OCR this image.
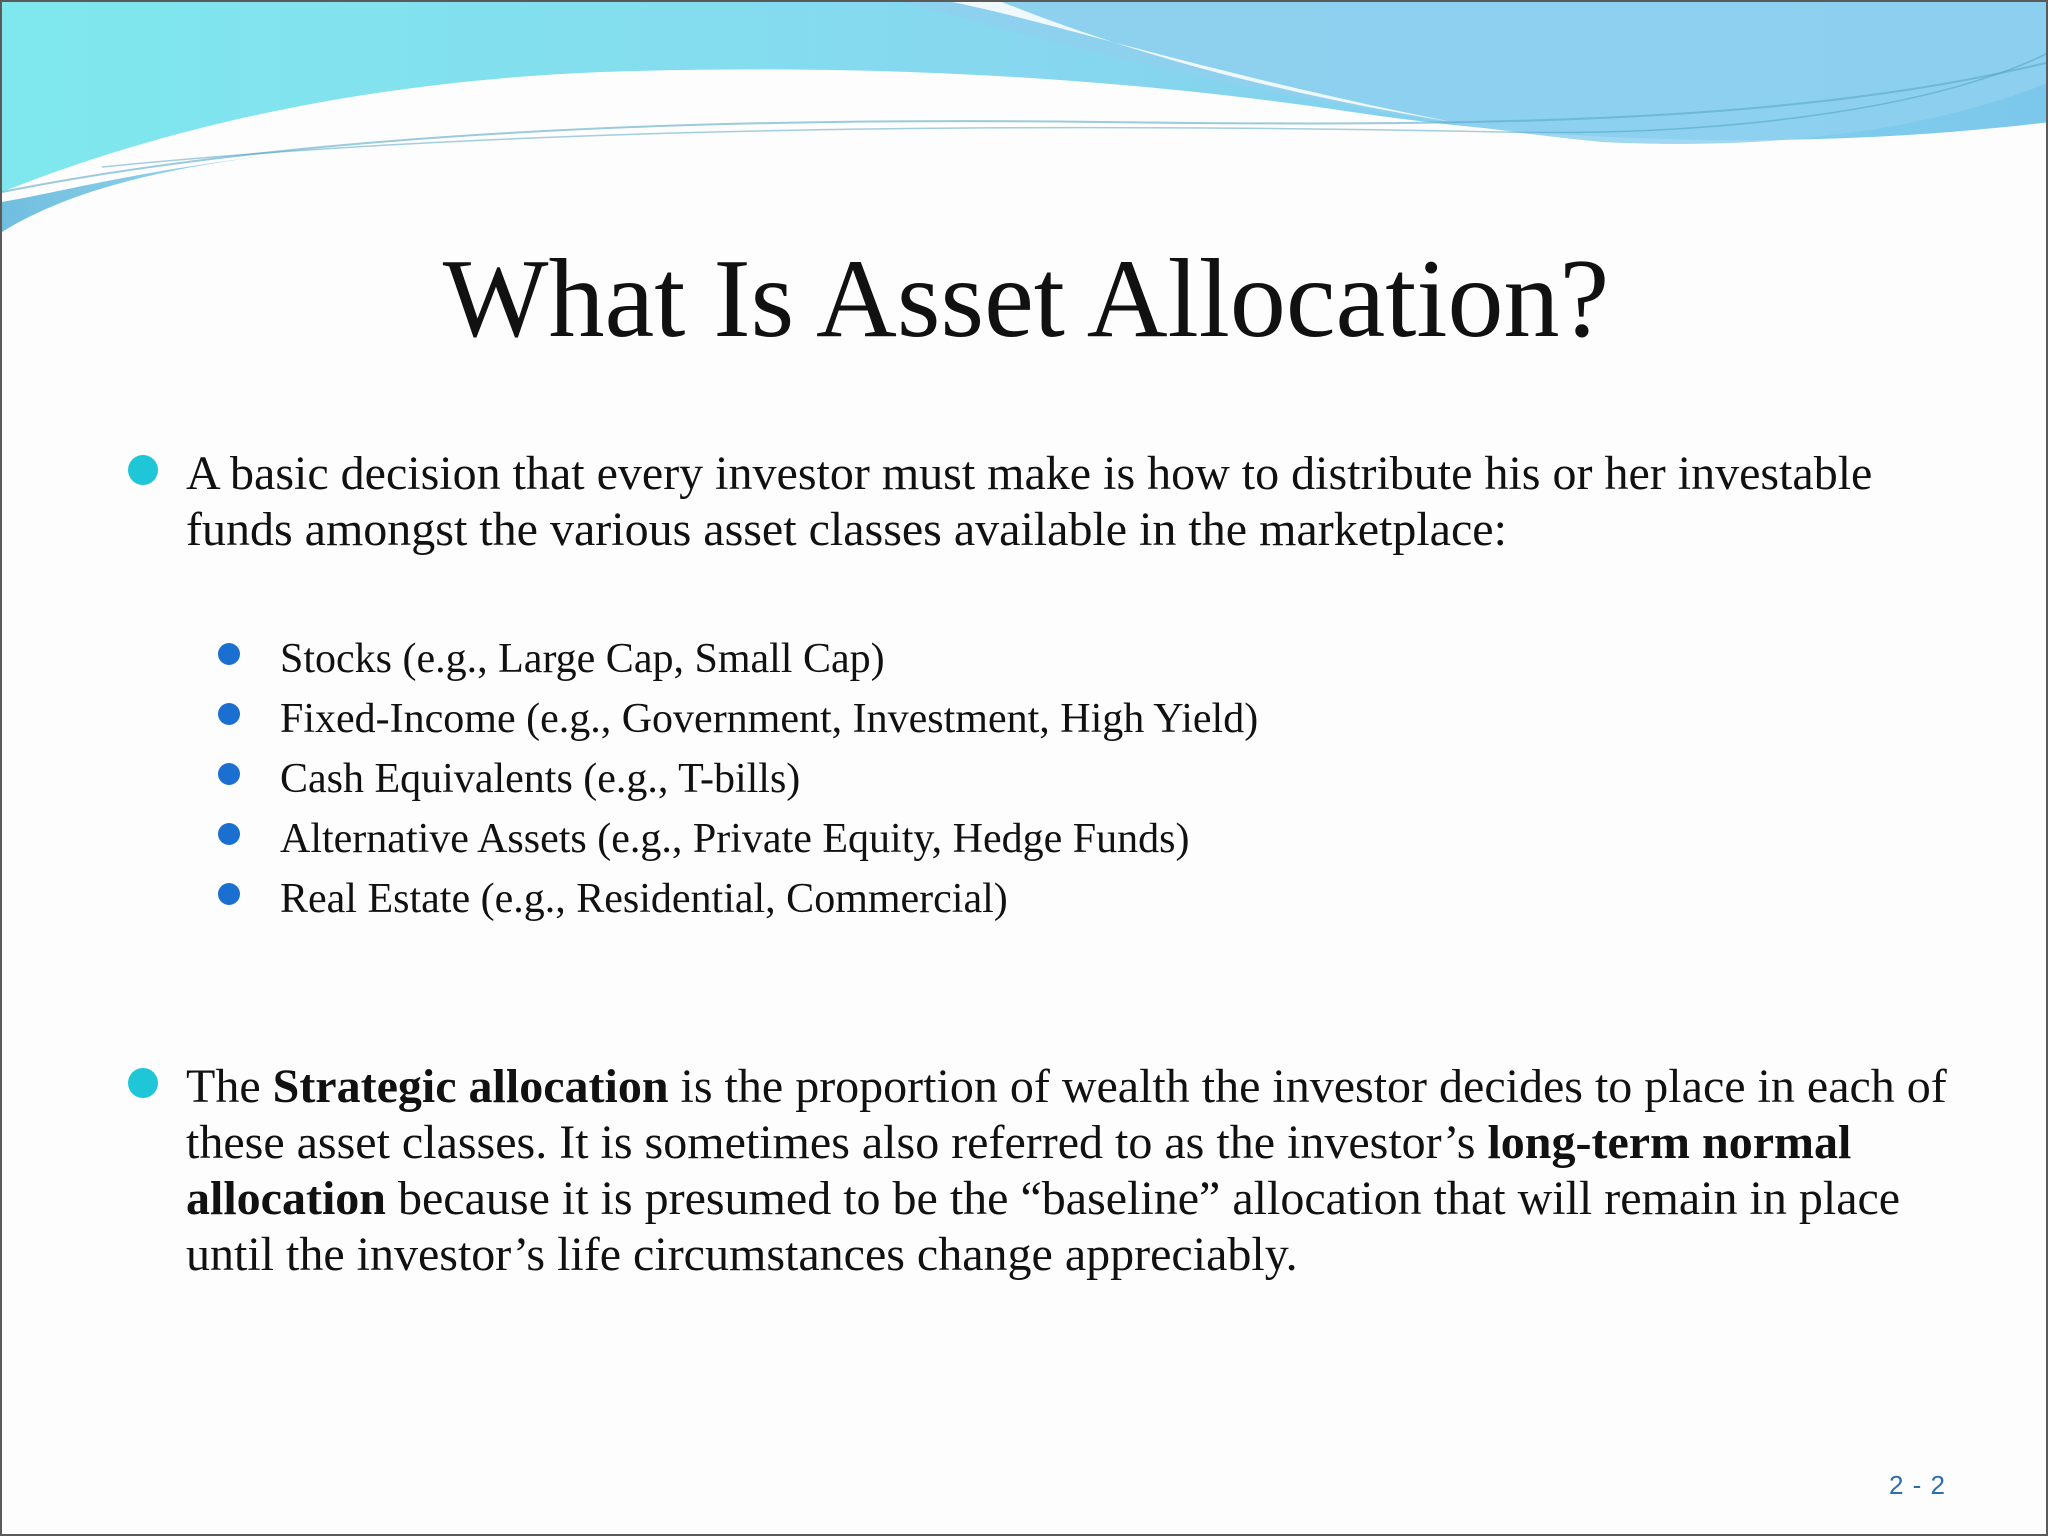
What Is Asset Allocation?

A basic decision that every investor must make is how to distribute his or her investable funds amongst the various asset classes available in the marketplace:

Stocks (e.g., Large Cap, Small Cap)

Fixed-Income (e.g., Government, Investment, High Yield)

Cash Equivalents (e.g., T-bills)

Alternative Assets (e.g., Private Equity, Hedge Funds)

Real Estate (e.g., Residential, Commercial)

The Strategic allocation is the proportion of wealth the investor decides to place in each of these asset classes. It is sometimes also referred to as the investor’s long-term normal allocation because it is presumed to be the “baseline” allocation that will remain in place until the investor’s life circumstances change appreciably.

2 - 2
